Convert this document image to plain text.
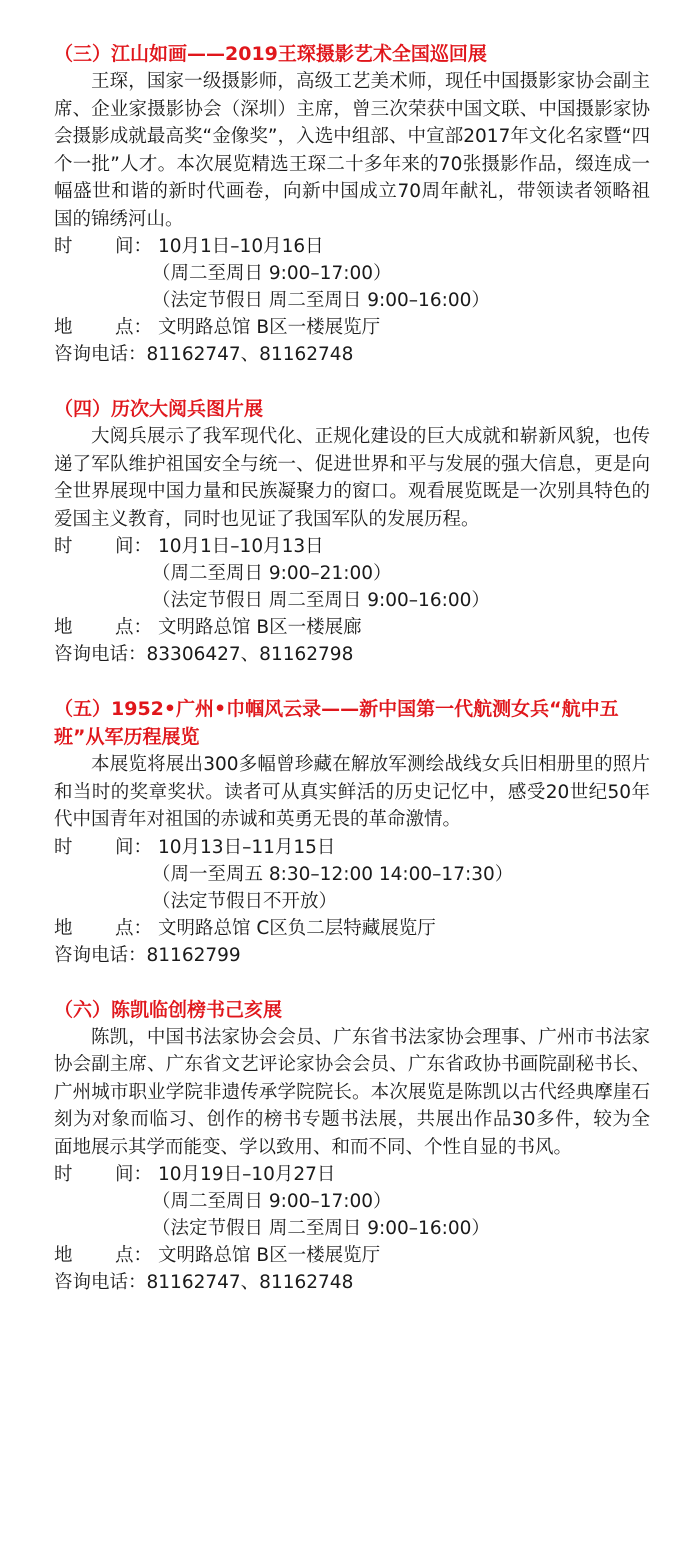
（三）江山如画——2019王琛摄影艺术全国巡回展

王琛，国家一级摄影师，高级工艺美术师，现任中国摄影家协会副主席、企业家摄影协会（深圳）主席，曾三次荣获中国文联、中国摄影家协会摄影成就最高奖“金像奖”，入选中组部、中宣部2017年文化名家暨“四个一批”人才。本次展览精选王琛二十多年来的70张摄影作品，缀连成一幅盛世和谐的新时代画卷，向新中国成立70周年献礼，带领读者领略祖国的锦绣河山。

时 间： 10月1日–10月16日
（周二至周日 9:00–17:00）
（法定节假日 周二至周日 9:00–16:00）
地 点： 文明路总馆 B区一楼展览厅
咨询电话： 81162747、81162748

（四）历次大阅兵图片展

大阅兵展示了我军现代化、正规化建设的巨大成就和崭新风貌，也传递了军队维护祖国安全与统一、促进世界和平与发展的强大信息，更是向全世界展现中国力量和民族凝聚力的窗口。观看展览既是一次别具特色的爱国主义教育，同时也见证了我国军队的发展历程。

时 间： 10月1日–10月13日
（周二至周日 9:00–21:00）
（法定节假日 周二至周日 9:00–16:00）
地 点： 文明路总馆 B区一楼展廊
咨询电话： 83306427、81162798

（五）1952•广州•巾帼风云录——新中国第一代航测女兵“航中五班”从军历程展览

本展览将展出300多幅曾珍藏在解放军测绘战线女兵旧相册里的照片和当时的奖章奖状。读者可从真实鲜活的历史记忆中，感受20世纪50年代中国青年对祖国的赤诚和英勇无畏的革命激情。

时 间： 10月13日–11月15日
（周一至周五 8:30–12:00 14:00–17:30）
（法定节假日不开放）
地 点： 文明路总馆 C区负二层特藏展览厅
咨询电话： 81162799

（六）陈凯临创榜书己亥展

陈凯，中国书法家协会会员、广东省书法家协会理事、广州市书法家协会副主席、广东省文艺评论家协会会员、广东省政协书画院副秘书长、广州城市职业学院非遗传承学院院长。本次展览是陈凯以古代经典摩崖石刻为对象而临习、创作的榜书专题书法展，共展出作品30多件，较为全面地展示其学而能变、学以致用、和而不同、个性自显的书风。

时 间： 10月19日–10月27日
（周二至周日 9:00–17:00）
（法定节假日 周二至周日 9:00–16:00）
地 点： 文明路总馆 B区一楼展览厅
咨询电话： 81162747、81162748
